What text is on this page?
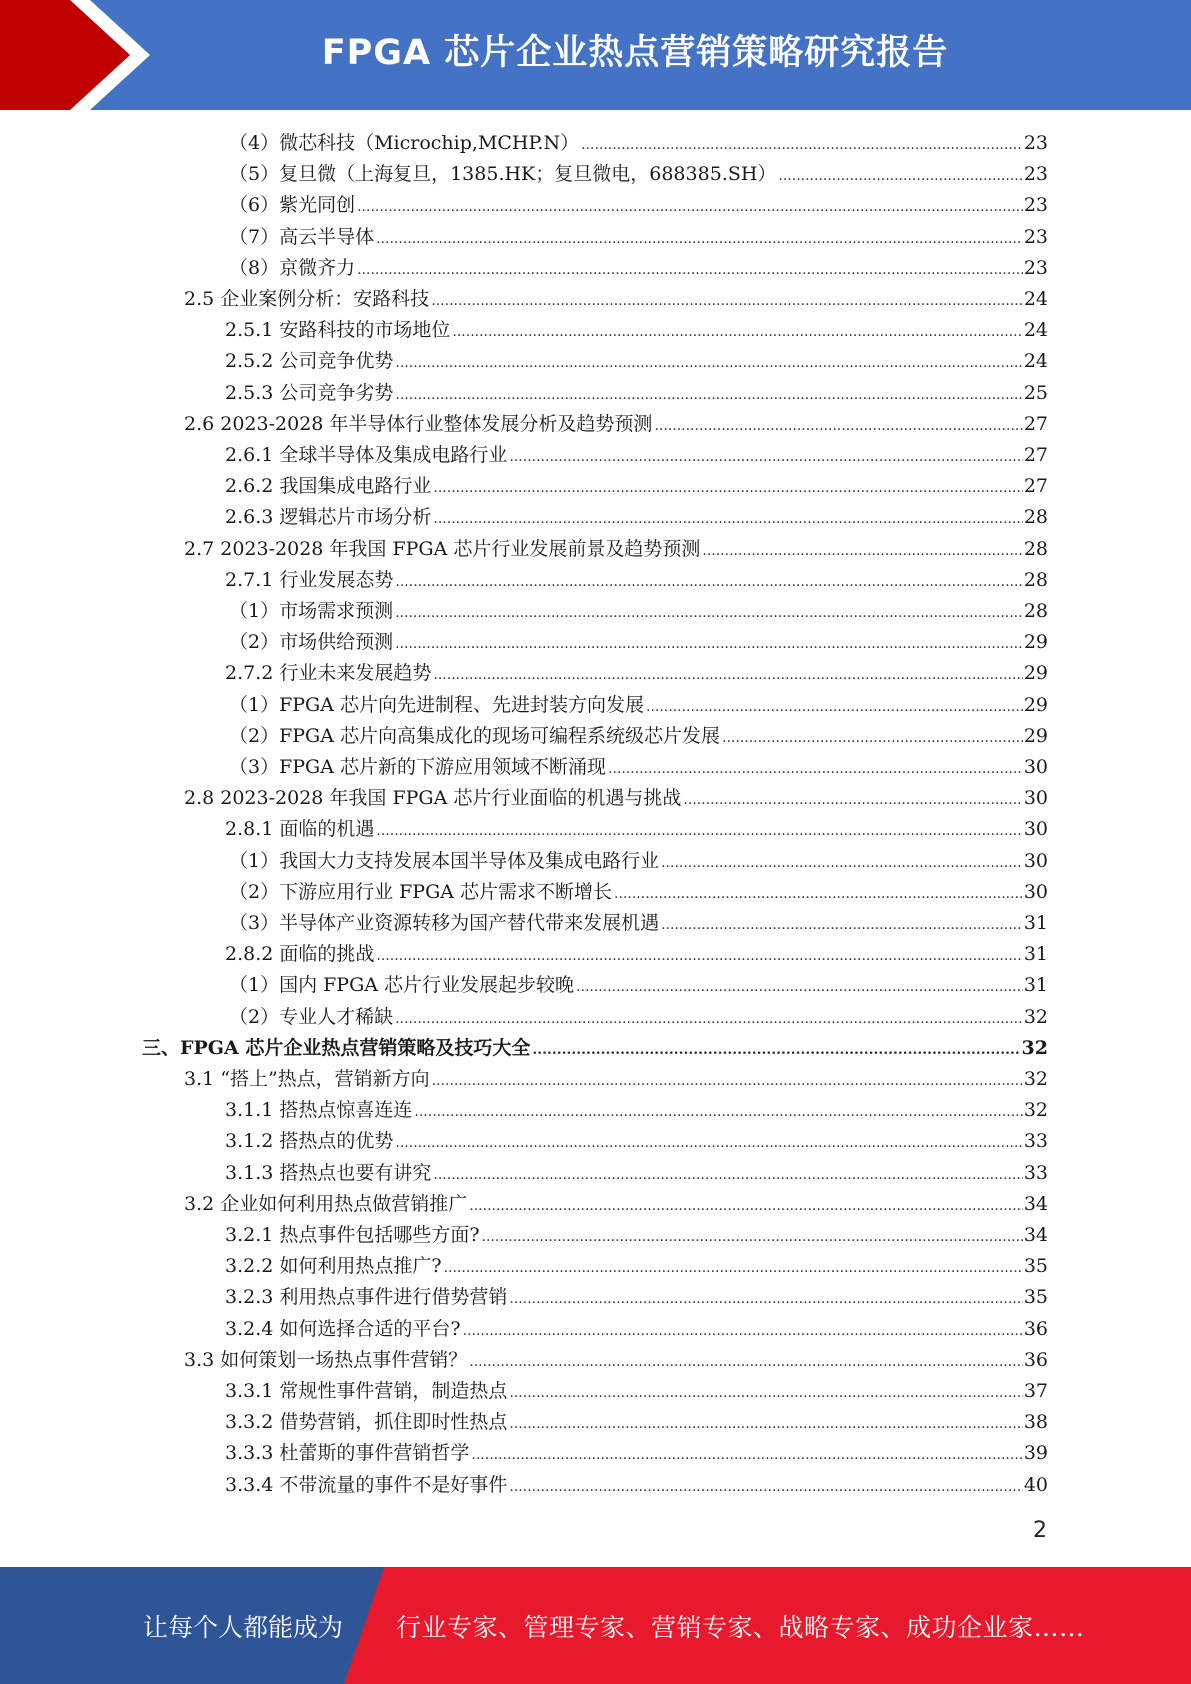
FPGA 芯片企业热点营销策略研究报告
（4）微芯科技（Microchip,MCHP.N） .....	23
（5）复旦微（上海复旦，1385.HK；复旦微电，688385.SH） .....	23
（6）紫光同创 .....	23
（7）高云半导体 .....	23
（8）京微齐力 .....	23
2.5 企业案例分析：安路科技 .....	24
2.5.1 安路科技的市场地位 .....	24
2.5.2 公司竞争优势 .....	24
2.5.3 公司竞争劣势 .....	25
2.6 2023-2028 年半导体行业整体发展分析及趋势预测 .....	27
2.6.1 全球半导体及集成电路行业 .....	27
2.6.2 我国集成电路行业 .....	27
2.6.3 逻辑芯片市场分析 .....	28
2.7 2023-2028 年我国 FPGA 芯片行业发展前景及趋势预测 .....	28
2.7.1 行业发展态势 .....	28
（1）市场需求预测 .....	28
（2）市场供给预测 .....	29
2.7.2 行业未来发展趋势 .....	29
（1）FPGA 芯片向先进制程、先进封装方向发展 .....	29
（2）FPGA 芯片向高集成化的现场可编程系统级芯片发展 .....	29
（3）FPGA 芯片新的下游应用领域不断涌现 .....	30
2.8 2023-2028 年我国 FPGA 芯片行业面临的机遇与挑战 .....	30
2.8.1 面临的机遇 .....	30
（1）我国大力支持发展本国半导体及集成电路行业 .....	30
（2）下游应用行业 FPGA 芯片需求不断增长 .....	30
（3）半导体产业资源转移为国产替代带来发展机遇 .....	31
2.8.2 面临的挑战 .....	31
（1）国内 FPGA 芯片行业发展起步较晚 .....	31
（2）专业人才稀缺 .....	32
三、FPGA 芯片企业热点营销策略及技巧大全 .....	32
3.1 “搭上”热点，营销新方向 .....	32
3.1.1 搭热点惊喜连连 .....	32
3.1.2 搭热点的优势 .....	33
3.1.3 搭热点也要有讲究 .....	33
3.2 企业如何利用热点做营销推广 .....	34
3.2.1 热点事件包括哪些方面? .....	34
3.2.2 如何利用热点推广? .....	35
3.2.3 利用热点事件进行借势营销 .....	35
3.2.4 如何选择合适的平台? .....	36
3.3 如何策划一场热点事件营销？ .....	36
3.3.1 常规性事件营销，制造热点 .....	37
3.3.2 借势营销，抓住即时性热点 .....	38
3.3.3 杜蕾斯的事件营销哲学 .....	39
3.3.4 不带流量的事件不是好事件 .....	40
2
让每个人都能成为 行业专家、管理专家、营销专家、战略专家、成功企业家……
